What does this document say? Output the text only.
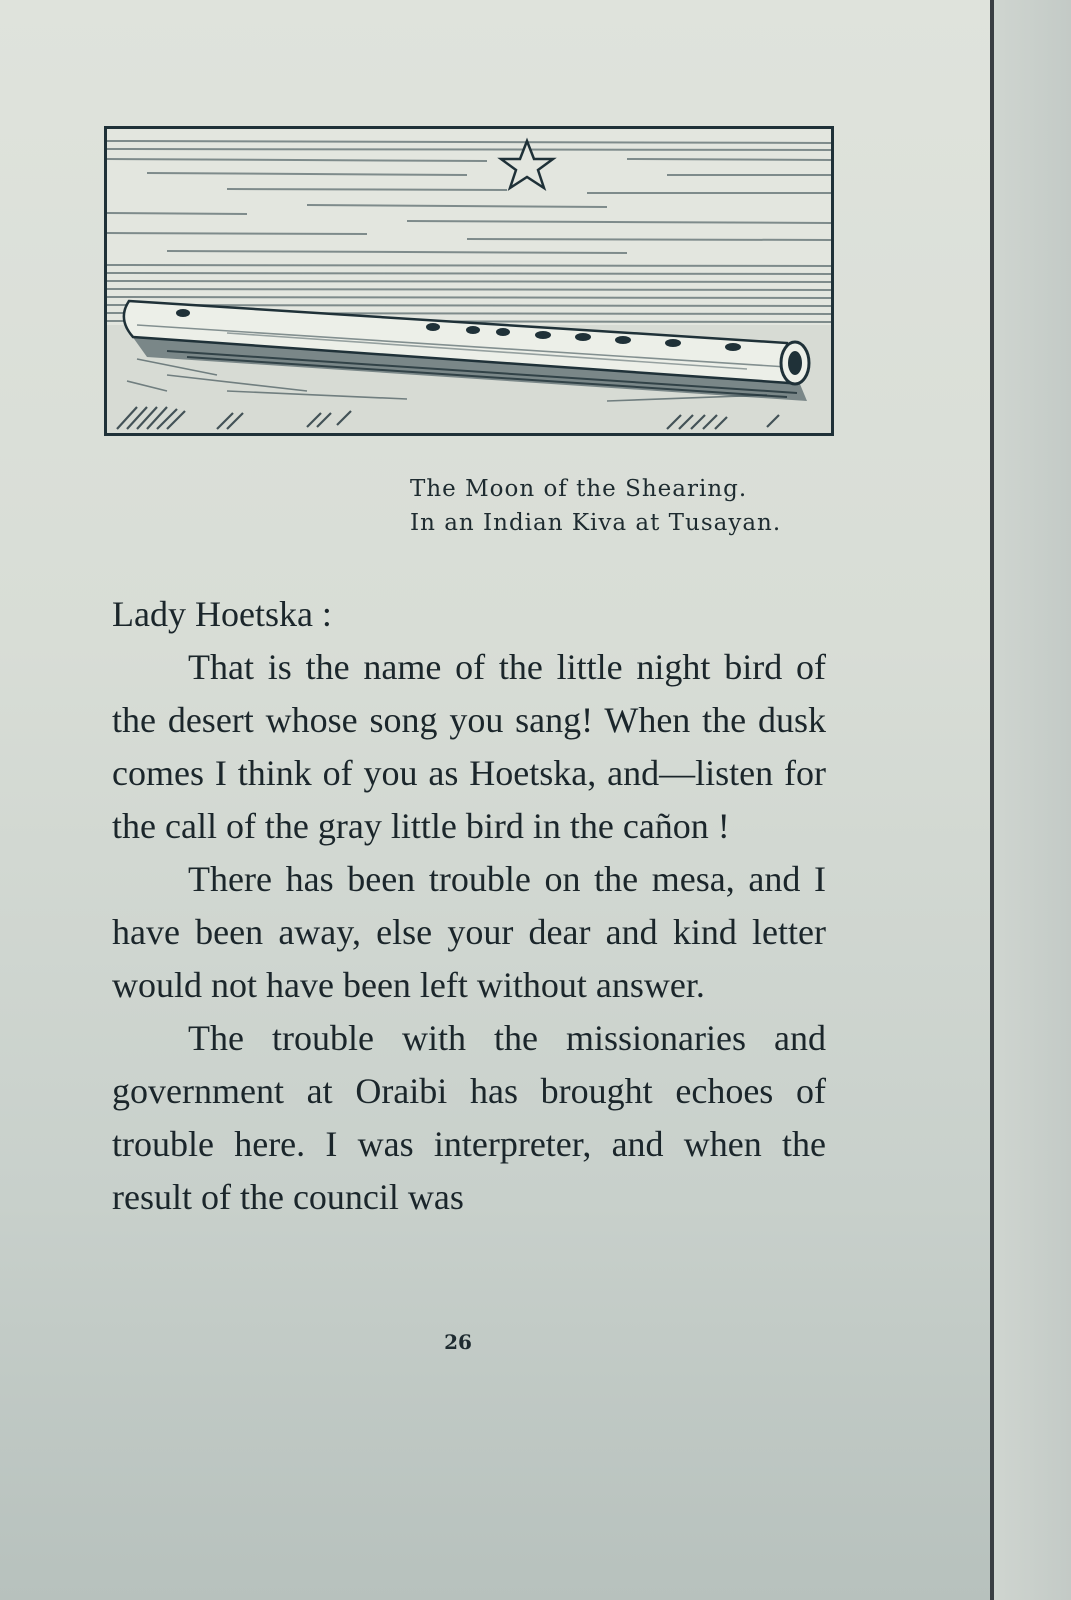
The Moon of the Shearing.
In an Indian Kiva at Tusayan.

Lady Hoetska :

That is the name of the little night bird of the desert whose song you sang! When the dusk comes I think of you as Hoetska, and—listen for the call of the gray little bird in the cañon !

There has been trouble on the mesa, and I have been away, else your dear and kind letter would not have been left without answer.

The trouble with the missionaries and government at Oraibi has brought echoes of trouble here. I was interpreter, and when the result of the council was

26
